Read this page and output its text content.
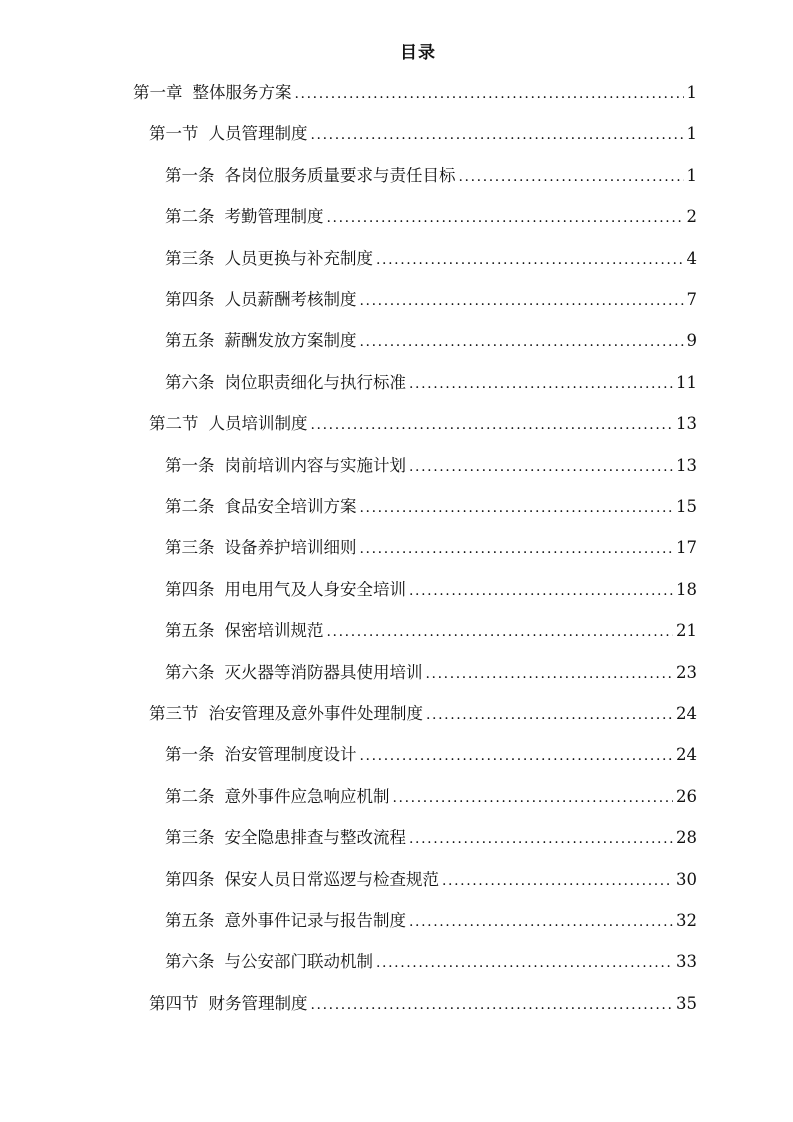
目录
第一章 整体服务方案 .....	1
第一节 人员管理制度 .....	1
第一条 各岗位服务质量要求与责任目标 .....	1
第二条 考勤管理制度 .....	2
第三条 人员更换与补充制度 .....	4
第四条 人员薪酬考核制度 .....	7
第五条 薪酬发放方案制度 .....	9
第六条 岗位职责细化与执行标准 .....	11
第二节 人员培训制度 .....	13
第一条 岗前培训内容与实施计划 .....	13
第二条 食品安全培训方案 .....	15
第三条 设备养护培训细则 .....	17
第四条 用电用气及人身安全培训 .....	18
第五条 保密培训规范 .....	21
第六条 灭火器等消防器具使用培训 .....	23
第三节 治安管理及意外事件处理制度 .....	24
第一条 治安管理制度设计 .....	24
第二条 意外事件应急响应机制 .....	26
第三条 安全隐患排查与整改流程 .....	28
第四条 保安人员日常巡逻与检查规范 .....	30
第五条 意外事件记录与报告制度 .....	32
第六条 与公安部门联动机制 .....	33
第四节 财务管理制度 .....	35
